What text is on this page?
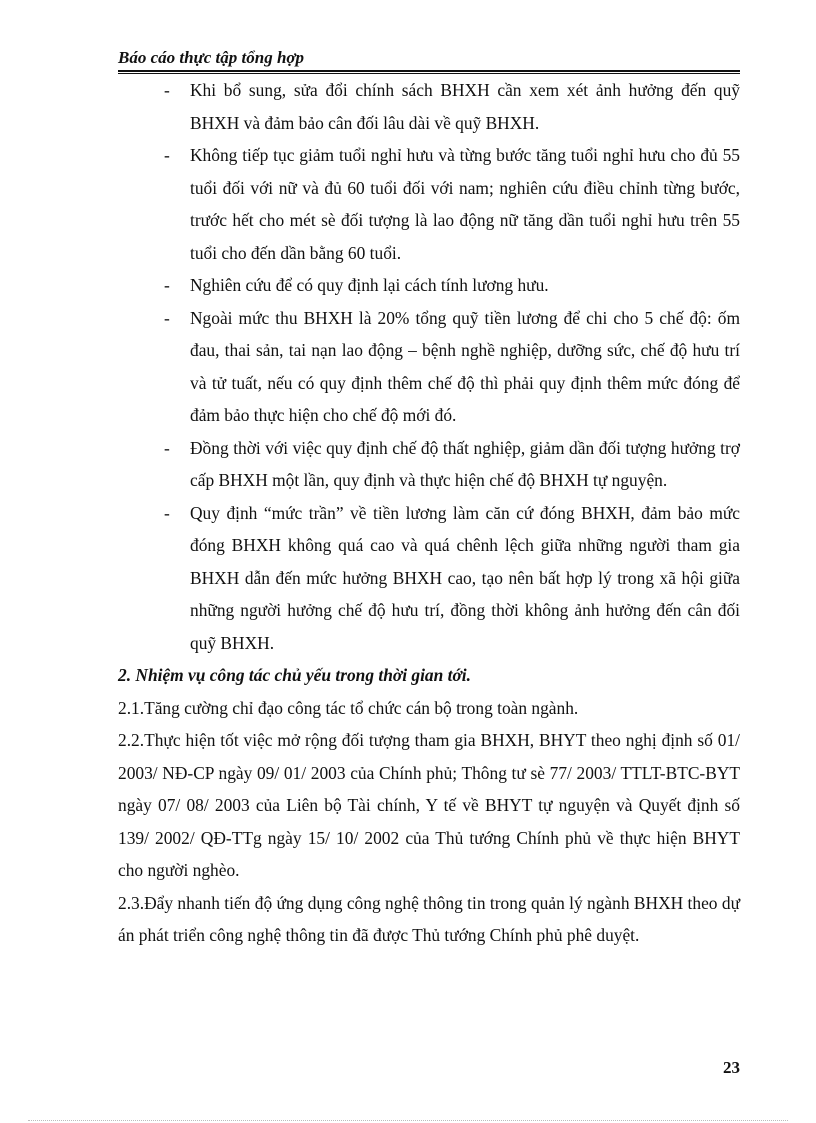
Báo cáo thực tập tổng hợp
- Khi bổ sung, sửa đổi chính sách BHXH cần xem xét ảnh hưởng đến quỹ BHXH và đảm bảo cân đối lâu dài về quỹ BHXH.
- Không tiếp tục giảm tuổi nghỉ hưu và từng bước tăng tuổi nghỉ hưu cho đủ 55 tuổi đối với nữ và đủ 60 tuổi đối với nam; nghiên cứu điều chỉnh từng bước, trước hết cho mét sè đối tượng là lao động nữ tăng dần tuổi nghỉ hưu trên 55 tuổi cho đến dần bằng 60 tuổi.
- Nghiên cứu để có quy định lại cách tính lương hưu.
- Ngoài mức thu BHXH là 20% tổng quỹ tiền lương để chi cho 5 chế độ: ốm đau, thai sản, tai nạn lao động – bệnh nghề nghiệp, dưỡng sức, chế độ hưu trí và tử tuất, nếu có quy định thêm chế độ thì phải quy định thêm mức đóng để đảm bảo thực hiện cho chế độ mới đó.
- Đồng thời với việc quy định chế độ thất nghiệp, giảm dần đối tượng hưởng trợ cấp BHXH một lần, quy định và thực hiện chế độ BHXH tự nguyện.
- Quy định “mức trần” về tiền lương làm căn cứ đóng BHXH, đảm bảo mức đóng BHXH không quá cao và quá chênh lệch giữa những người tham gia BHXH dẫn đến mức hưởng BHXH cao, tạo nên bất hợp lý trong xã hội giữa những người hưởng chế độ hưu trí, đồng thời không ảnh hưởng đến cân đối quỹ BHXH.

2. Nhiệm vụ công tác chủ yếu trong thời gian tới.

2.1.Tăng cường chỉ đạo công tác tổ chức cán bộ trong toàn ngành.

2.2.Thực hiện tốt việc mở rộng đối tượng tham gia BHXH, BHYT theo nghị định số 01/ 2003/ NĐ-CP ngày 09/ 01/ 2003 của Chính phủ; Thông tư sè 77/ 2003/ TTLT-BTC-BYT ngày 07/ 08/ 2003 của Liên bộ Tài chính, Y tế về BHYT tự nguyện và Quyết định số 139/ 2002/ QĐ-TTg ngày 15/ 10/ 2002 của Thủ tướng Chính phủ về thực hiện BHYT cho người nghèo.

2.3.Đẩy nhanh tiến độ ứng dụng công nghệ thông tin trong quản lý ngành BHXH theo dự án phát triển công nghệ thông tin đã được Thủ tướng Chính phủ phê duyệt.

23
